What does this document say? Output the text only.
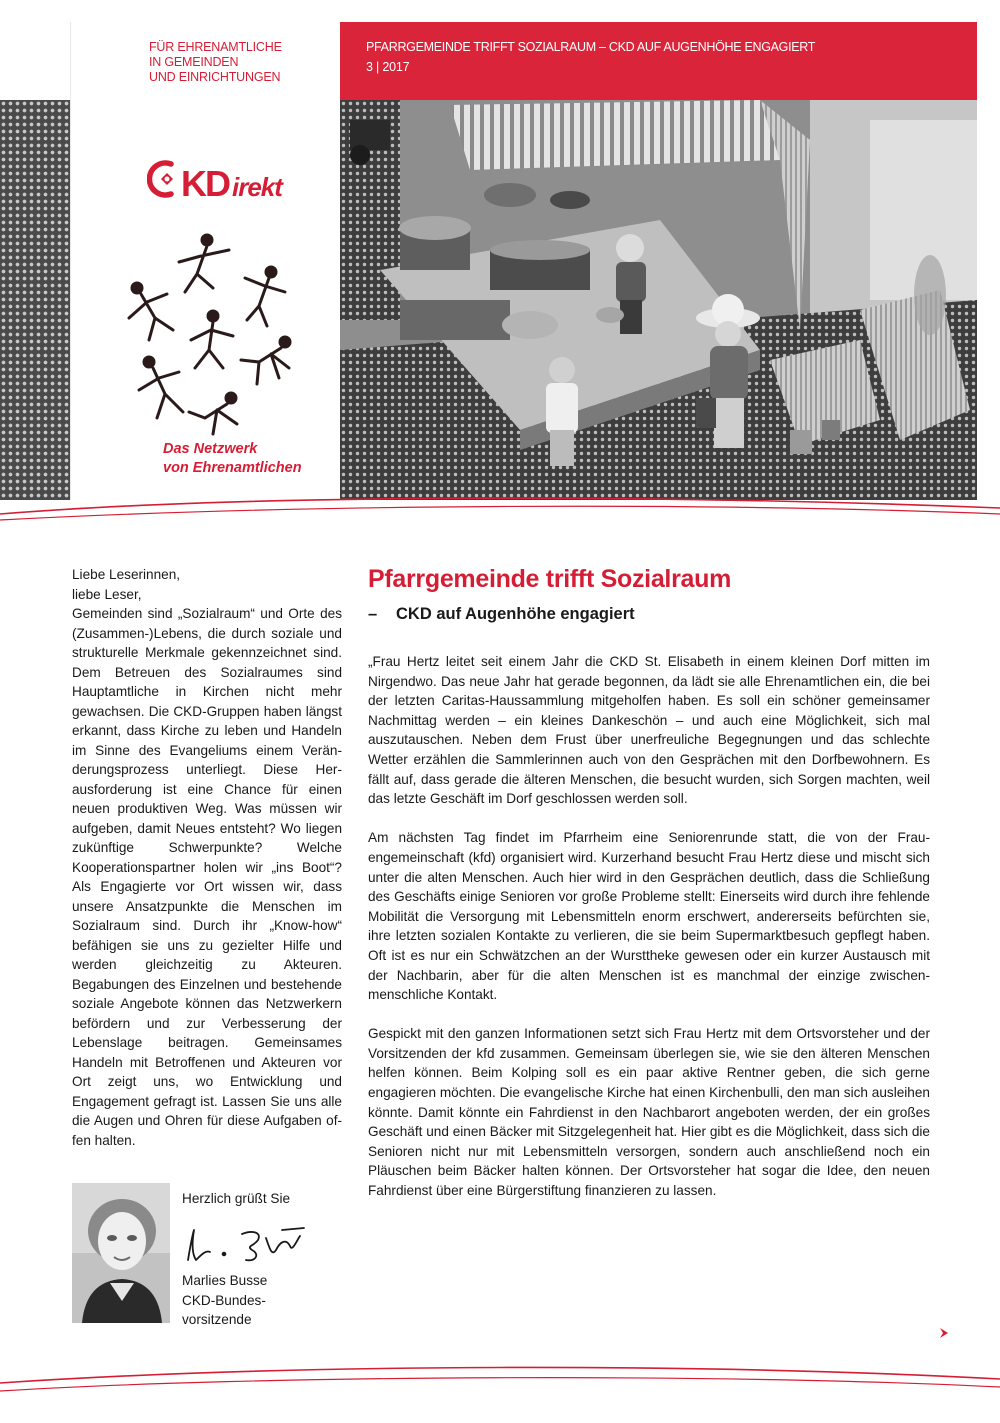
FÜR EHRENAMTLICHE
IN GEMEINDEN
UND EINRICHTUNGEN
KD irekt
Das Netzwerk
von Ehrenamtlichen
PFARRGEMEINDE TRIFFT SOZIALRAUM – CKD AUF AUGENHÖHE ENGAGIERT
3 | 2017

Liebe Leserinnen,

liebe Leser,

Gemeinden sind „Sozialraum“ und Orte des (Zusammen-)Lebens, die durch soziale und strukturelle Merkmale gekennzeichnet sind. Dem Betreuen des Sozialraumes sind Hauptamtliche in Kirchen nicht mehr gewachsen. Die CKD-Gruppen haben längst erkannt, dass Kirche zu leben und Handeln im Sinne des Evangeliums einem Veränderungsprozess unterliegt. Diese Herausforderung ist eine Chance für einen neuen produktiven Weg. Was müssen wir aufgeben, damit Neues entsteht? Wo liegen zukünftige Schwerpunkte? Welche Kooperationspartner holen wir „ins Boot“? Als Engagierte vor Ort wissen wir, dass unsere Ansatzpunkte die Menschen im Sozialraum sind. Durch ihr „Know-how“ befähigen sie uns zu gezielter Hilfe und werden gleichzeitig zu Akteuren. Begabungen des Einzelnen und bestehende soziale Angebote können das Netzwerkern befördern und zur Verbesserung der Lebenslage beitragen. Gemeinsames Handeln mit Betroffenen und Akteuren vor Ort zeigt uns, wo Entwicklung und Engagement gefragt ist. Lassen Sie uns alle die Augen und Ohren für diese Aufgaben offen halten.

Herzlich grüßt Sie
Marlies Busse
CKD-Bundes-
vorsitzende
Pfarrgemeinde trifft Sozialraum
– CKD auf Augenhöhe engagiert

„Frau Hertz leitet seit einem Jahr die CKD St. Elisabeth in einem kleinen Dorf mitten im Nirgendwo. Das neue Jahr hat gerade begonnen, da lädt sie alle Ehrenamtlichen ein, die bei der letzten Caritas-Haussammlung mitgeholfen haben. Es soll ein schöner gemeinsamer Nachmittag werden – ein kleines Dankeschön – und auch eine Möglichkeit, sich mal auszutauschen. Neben dem Frust über unerfreuliche Begegnungen und das schlechte Wetter erzählen die Sammlerinnen auch von den Gesprächen mit den Dorfbewohnern. Es fällt auf, dass gerade die älteren Menschen, die besucht wurden, sich Sorgen machten, weil das letzte Geschäft im Dorf geschlossen werden soll.

Am nächsten Tag findet im Pfarrheim eine Seniorenrunde statt, die von der Frauengemeinschaft (kfd) organisiert wird. Kurzerhand besucht Frau Hertz diese und mischt sich unter die alten Menschen. Auch hier wird in den Gesprächen deutlich, dass die Schließung des Geschäfts einige Senioren vor große Probleme stellt: Einerseits wird durch ihre fehlende Mobilität die Versorgung mit Lebensmitteln enorm erschwert, andererseits befürchten sie, ihre letzten sozialen Kontakte zu verlieren, die sie beim Supermarktbesuch gepflegt haben. Oft ist es nur ein Schwätzchen an der Wursttheke gewesen oder ein kurzer Austausch mit der Nachbarin, aber für die alten Menschen ist es manchmal der einzige zwischenmenschliche Kontakt.

Gespickt mit den ganzen Informationen setzt sich Frau Hertz mit dem Ortsvorsteher und der Vorsitzenden der kfd zusammen. Gemeinsam überlegen sie, wie sie den älteren Menschen helfen können. Beim Kolping soll es ein paar aktive Rentner geben, die sich gerne engagieren möchten. Die evangelische Kirche hat einen Kirchenbulli, den man sich ausleihen könnte. Damit könnte ein Fahrdienst in den Nachbarort angeboten werden, der ein großes Geschäft und einen Bäcker mit Sitzgelegenheit hat. Hier gibt es die Möglichkeit, dass sich die Senioren nicht nur mit Lebensmitteln versorgen, sondern auch anschließend noch ein Pläuschen beim Bäcker halten können. Der Ortsvorsteher hat sogar die Idee, den neuen Fahrdienst über eine Bürgerstiftung finanzieren zu lassen.
